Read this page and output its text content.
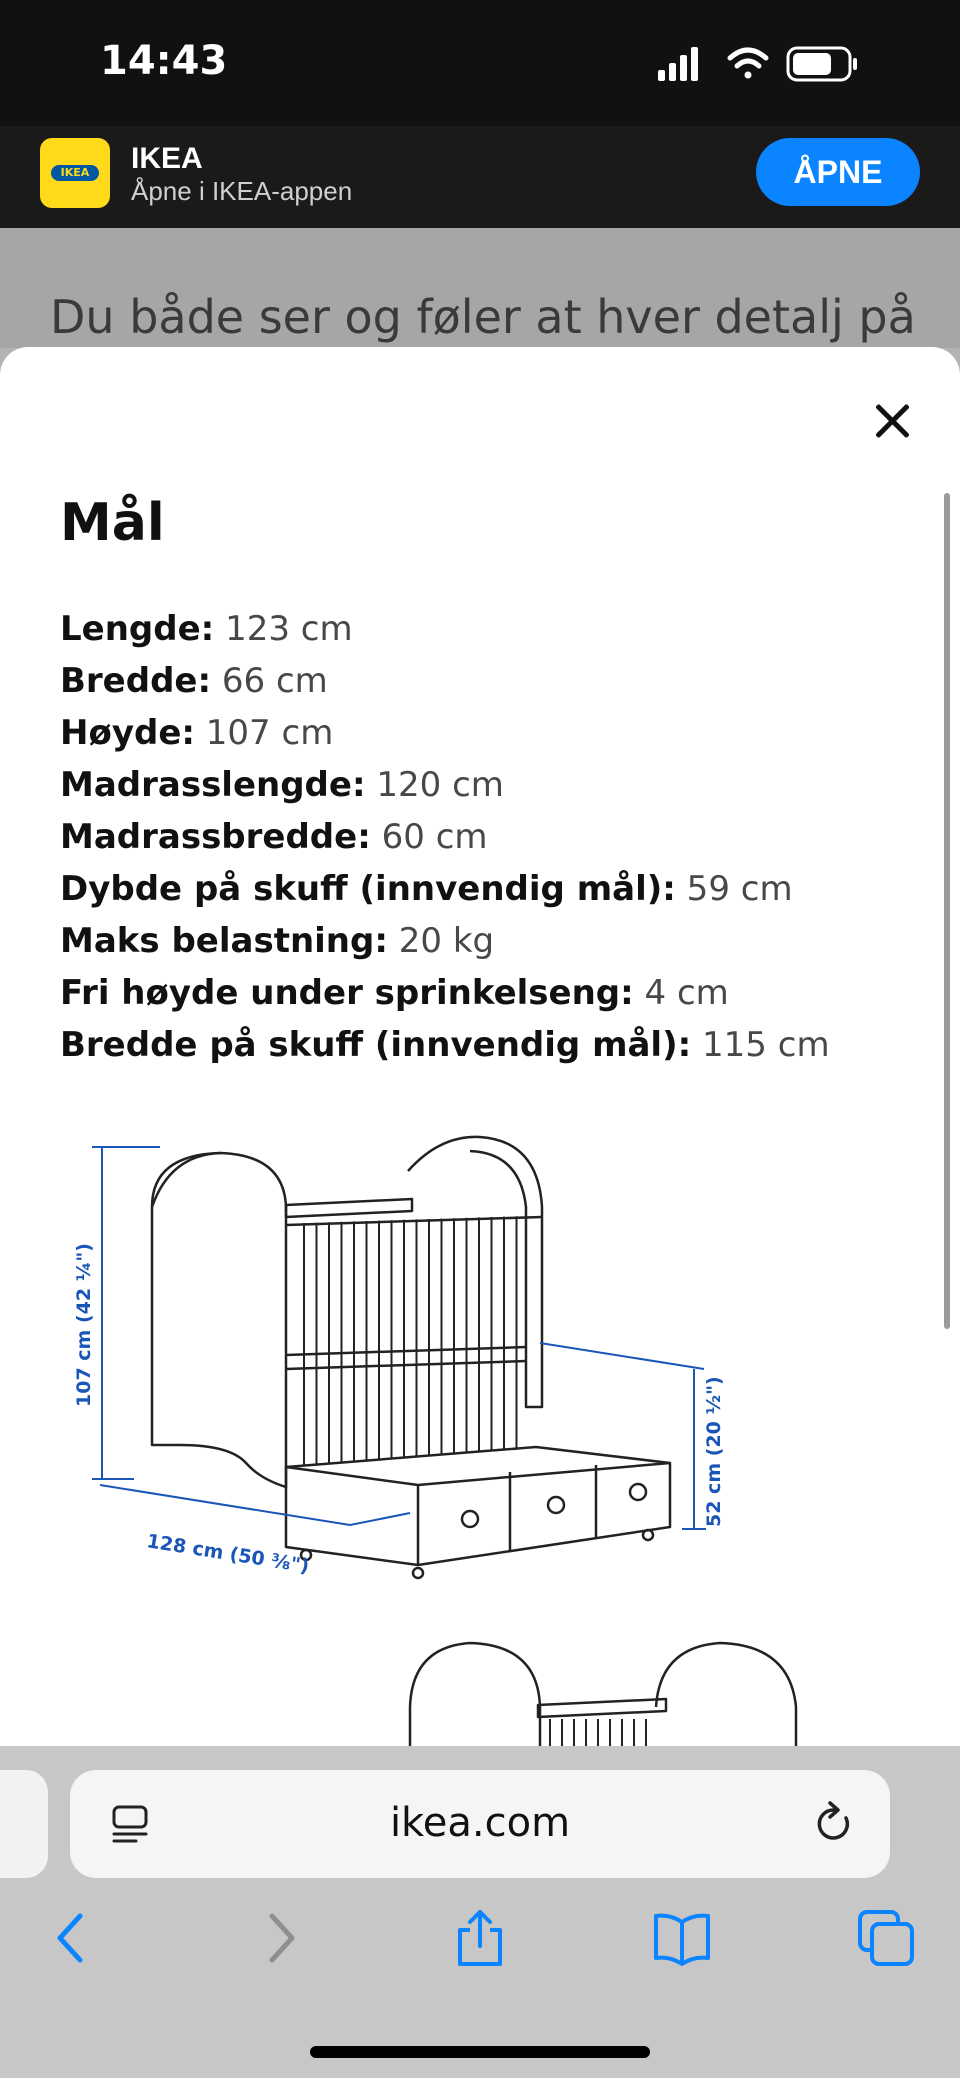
14:43
IKEA	IKEA
Åpne i IKEA-appen
ÅPNE
Du både ser og føler at hver detalj på
Mål
Lengde: 123 cm
Bredde: 66 cm
Høyde: 107 cm
Madrasslengde: 120 cm
Madrassbredde: 60 cm
Dybde på skuff (innvendig mål): 59 cm
Maks belastning: 20 kg
Fri høyde under sprinkelseng: 4 cm
Bredde på skuff (innvendig mål): 115 cm
107 cm (42 ¼")
128 cm (50 ⅜")
52 cm (20 ½")
ikea.com
